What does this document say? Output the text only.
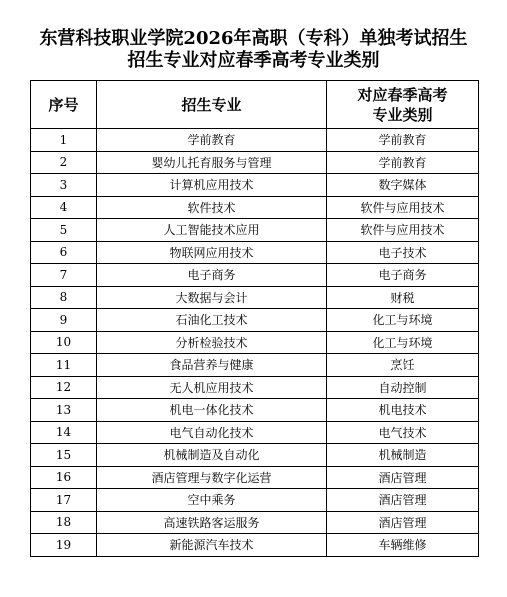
东营科技职业学院2026年高职（专科）单独考试招生
招生专业对应春季高考专业类别
序号	招生专业	对应春季高考
专业类别

1	学前教育	学前教育
2	婴幼儿托育服务与管理	学前教育
3	计算机应用技术	数字媒体
4	软件技术	软件与应用技术
5	人工智能技术应用	软件与应用技术
6	物联网应用技术	电子技术
7	电子商务	电子商务
8	大数据与会计	财税
9	石油化工技术	化工与环境
10	分析检验技术	化工与环境
11	食品营养与健康	烹饪
12	无人机应用技术	自动控制
13	机电一体化技术	机电技术
14	电气自动化技术	电气技术
15	机械制造及自动化	机械制造
16	酒店管理与数字化运营	酒店管理
17	空中乘务	酒店管理
18	高速铁路客运服务	酒店管理
19	新能源汽车技术	车辆维修
